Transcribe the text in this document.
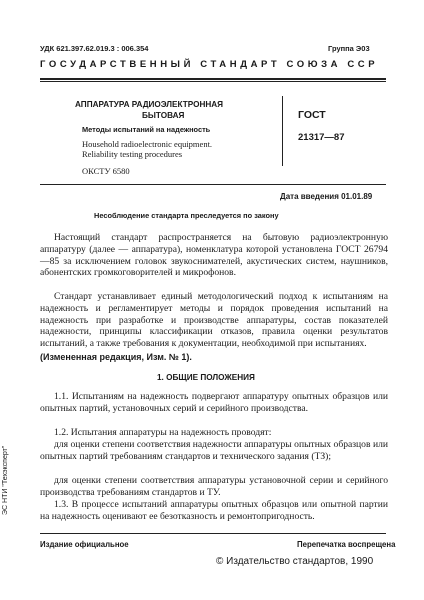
УДК 621.397.62.019.3 : 006.354	Группа Э03
ГОСУДАРСТВЕННЫЙ СТАНДАРТ СОЮЗА ССР
АППАРАТУРА РАДИОЭЛЕКТРОННАЯ
БЫТОВАЯ
Методы испытаний на надежность
Household radioelectronic equipment.
Reliability testing procedures
ГОСТ
21317—87
ОКСТУ 6580
Дата введения 01.01.89
Несоблюдение стандарта преследуется по закону
Настоящий стандарт распространяется на бытовую радиоэлектронную аппаратуру (далее — аппаратура), номенклатура которой установлена ГОСТ 26794—85 за исключением головок звукоснимателей, акустических систем, наушников, абонентских громкоговорителей и микрофонов.
Стандарт устанавливает единый методологический подход к испытаниям на надежность и регламентирует методы и порядок проведения испытаний на надежность при разработке и производстве аппаратуры, состав показателей надежности, принципы классификации отказов, правила оценки результатов испытаний, а также требования к документации, необходимой при испытаниях.
(Измененная редакция, Изм. № 1).
1. ОБЩИЕ ПОЛОЖЕНИЯ
1.1. Испытаниям на надежность подвергают аппаратуру опытных образцов или опытных партий, установочных серий и серийного производства.
1.2. Испытания аппаратуры на надежность проводят:
для оценки степени соответствия надежности аппаратуры опытных образцов или опытных партий требованиям стандартов и технического задания (ТЗ);
для оценки степени соответствия аппаратуры установочной серии и серийного производства требованиям стандартов и ТУ.
1.3. В процессе испытаний аппаратуры опытных образцов или опытной партии на надежность оценивают ее безотказность и ремонтопригодность.
Издание официальное	Перепечатка воспрещена
© Издательство стандартов, 1990
ЭС НТИ "Техэксперт"
